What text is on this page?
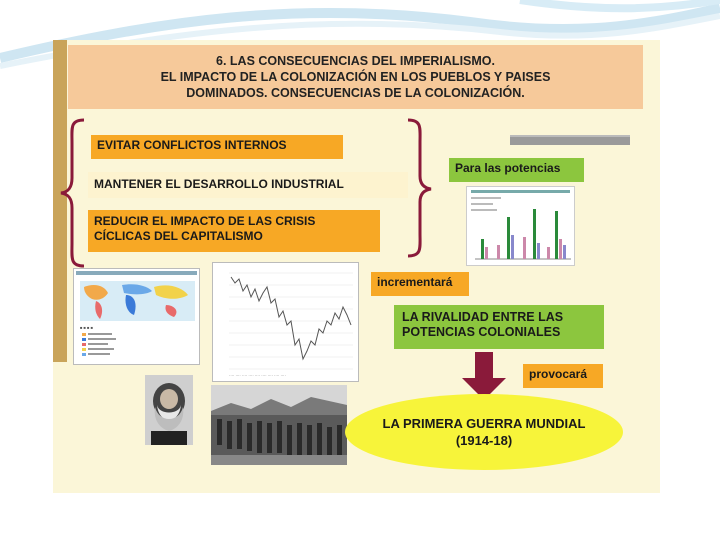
6. LAS CONSECUENCIAS DEL IMPERIALISMO.
EL IMPACTO DE LA COLONIZACIÓN EN LOS PUEBLOS Y PAISES
DOMINADOS. CONSECUENCIAS DE LA COLONIZACIÓN.
EVITAR CONFLICTOS INTERNOS
MANTENER EL DESARROLLO INDUSTRIAL
REDUCIR EL IMPACTO DE LAS CRISIS
CÍCLICAS DEL CAPITALISMO
Para las potencias
■ ■ ■ ■
···· ···· ···· ···· ···· ···· ···· ···· ····
incrementará
LA RIVALIDAD ENTRE LAS
POTENCIAS COLONIALES
provocará
LA PRIMERA GUERRA MUNDIAL
(1914-18)
